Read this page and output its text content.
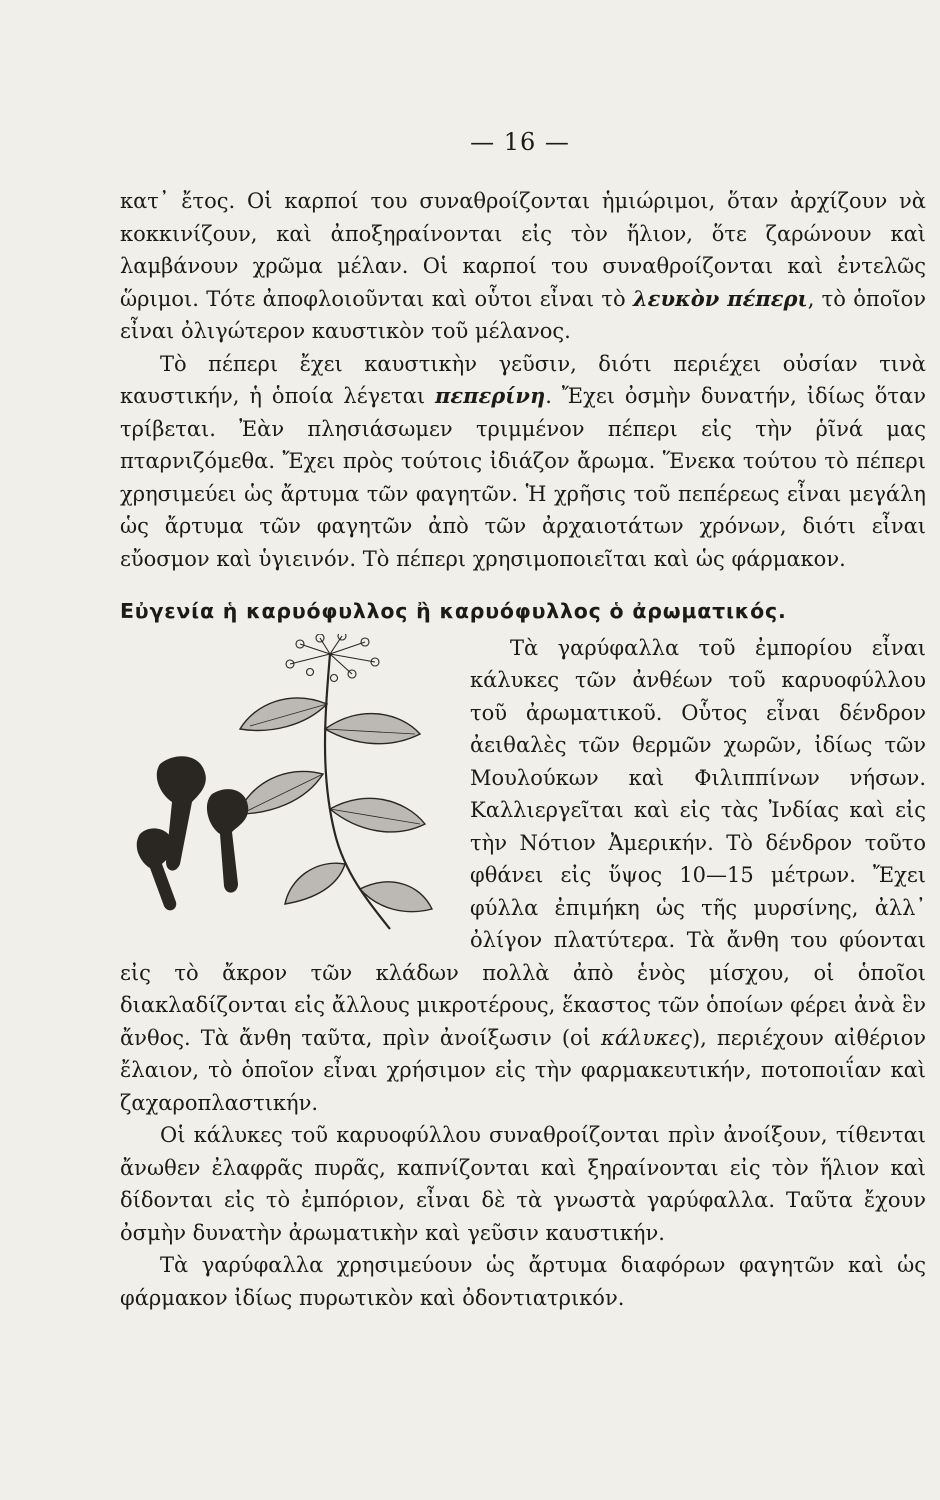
— 16 —

κατ᾽ ἔτος. Οἱ καρποί του συναθροίζονται ἡμιώριμοι, ὅταν ἀρχίζουν νὰ κοκκινίζουν, καὶ ἀποξηραίνονται εἰς τὸν ἥλιον, ὅτε ζαρώνουν καὶ λαμβάνουν χρῶμα μέλαν. Οἱ καρποί του συναθροίζονται καὶ ἐντελῶς ὥριμοι. Τότε ἀποφλοιοῦνται καὶ οὗτοι εἶναι τὸ λευκὸν πέπερι, τὸ ὁποῖον εἶναι ὀλιγώτερον καυστικὸν τοῦ μέλανος.

Τὸ πέπερι ἔχει καυστικὴν γεῦσιν, διότι περιέχει οὐσίαν τινὰ καυστικήν, ἡ ὁποία λέγεται πεπερίνη. Ἔχει ὀσμὴν δυνατήν, ἰδίως ὅταν τρίβεται. Ἐὰν πλησιάσωμεν τριμμένον πέπερι εἰς τὴν ῥῖνά μας πταρνιζόμεθα. Ἔχει πρὸς τούτοις ἰδιάζον ἄρωμα. Ἕνεκα τούτου τὸ πέπερι χρησιμεύει ὡς ἄρτυμα τῶν φαγητῶν. Ἡ χρῆσις τοῦ πεπέρεως εἶναι μεγάλη ὡς ἄρτυμα τῶν φαγητῶν ἀπὸ τῶν ἀρχαιοτάτων χρόνων, διότι εἶναι εὔοσμον καὶ ὑγιεινόν. Τὸ πέπερι χρησιμοποιεῖται καὶ ὡς φάρμακον.

Εὐγενία ἡ καρυόφυλλος ἢ καρυόφυλλος ὁ ἀρωματικός.

Τὰ γαρύφαλλα τοῦ ἐμπορίου εἶναι κάλυκες τῶν ἀνθέων τοῦ καρυοφύλλου τοῦ ἀρωματικοῦ. Οὗτος εἶναι δένδρον ἀειθαλὲς τῶν θερμῶν χωρῶν, ἰδίως τῶν Μουλούκων καὶ Φιλιππίνων νήσων. Καλλιεργεῖται καὶ εἰς τὰς Ἰνδίας καὶ εἰς τὴν Νότιον Ἀμερικήν. Τὸ δένδρον τοῦτο φθάνει εἰς ὕψος 10—15 μέτρων. Ἔχει φύλλα ἐπιμήκη ὡς τῆς μυρσίνης, ἀλλ᾽ ὀλίγον πλατύτερα. Τὰ ἄνθη του φύονται εἰς τὸ ἄκρον τῶν κλάδων πολλὰ ἀπὸ ἑνὸς μίσχου, οἱ ὁποῖοι διακλαδίζονται εἰς ἄλλους μικροτέρους, ἕκαστος τῶν ὁποίων φέρει ἀνὰ ἓν ἄνθος. Τὰ ἄνθη ταῦτα, πρὶν ἀνοίξωσιν (οἱ κάλυκες), περιέχουν αἰθέριον ἔλαιον, τὸ ὁποῖον εἶναι χρήσιμον εἰς τὴν φαρμακευτικήν, ποτοποιΐαν καὶ ζαχαροπλαστικήν.

Οἱ κάλυκες τοῦ καρυοφύλλου συναθροίζονται πρὶν ἀνοίξουν, τίθενται ἄνωθεν ἐλαφρᾶς πυρᾶς, καπνίζονται καὶ ξηραίνονται εἰς τὸν ἥλιον καὶ δίδονται εἰς τὸ ἐμπόριον, εἶναι δὲ τὰ γνωστὰ γαρύφαλλα. Ταῦτα ἔχουν ὀσμὴν δυνατὴν ἀρωματικὴν καὶ γεῦσιν καυστικήν.

Τὰ γαρύφαλλα χρησιμεύουν ὡς ἄρτυμα διαφόρων φαγητῶν καὶ ὡς φάρμακον ἰδίως πυρωτικὸν καὶ ὀδοντιατρικόν.
